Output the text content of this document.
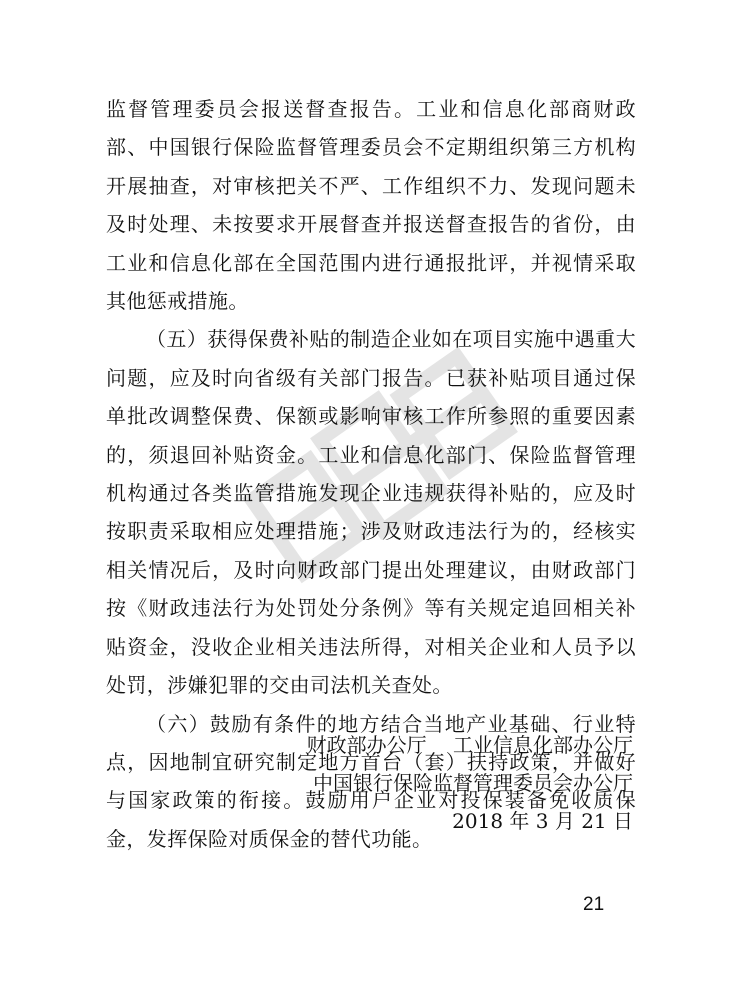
监督管理委员会报送督查报告。工业和信息化部商财政部、中国银行保险监督管理委员会不定期组织第三方机构开展抽查，对审核把关不严、工作组织不力、发现问题未及时处理、未按要求开展督查并报送督查报告的省份，由工业和信息化部在全国范围内进行通报批评，并视情采取其他惩戒措施。

（五）获得保费补贴的制造企业如在项目实施中遇重大问题，应及时向省级有关部门报告。已获补贴项目通过保单批改调整保费、保额或影响审核工作所参照的重要因素的，须退回补贴资金。工业和信息化部门、保险监督管理机构通过各类监管措施发现企业违规获得补贴的，应及时按职责采取相应处理措施；涉及财政违法行为的，经核实相关情况后，及时向财政部门提出处理建议，由财政部门按《财政违法行为处罚处分条例》等有关规定追回相关补贴资金，没收企业相关违法所得，对相关企业和人员予以处罚，涉嫌犯罪的交由司法机关查处。

（六）鼓励有条件的地方结合当地产业基础、行业特点，因地制宜研究制定地方首台（套）扶持政策，并做好与国家政策的衔接。鼓励用户企业对投保装备免收质保金，发挥保险对质保金的替代功能。

财政部办公厅　 工业信息化部办公厅
中国银行保险监督管理委员会办公厅
2018 年 3 月 21 日
21
